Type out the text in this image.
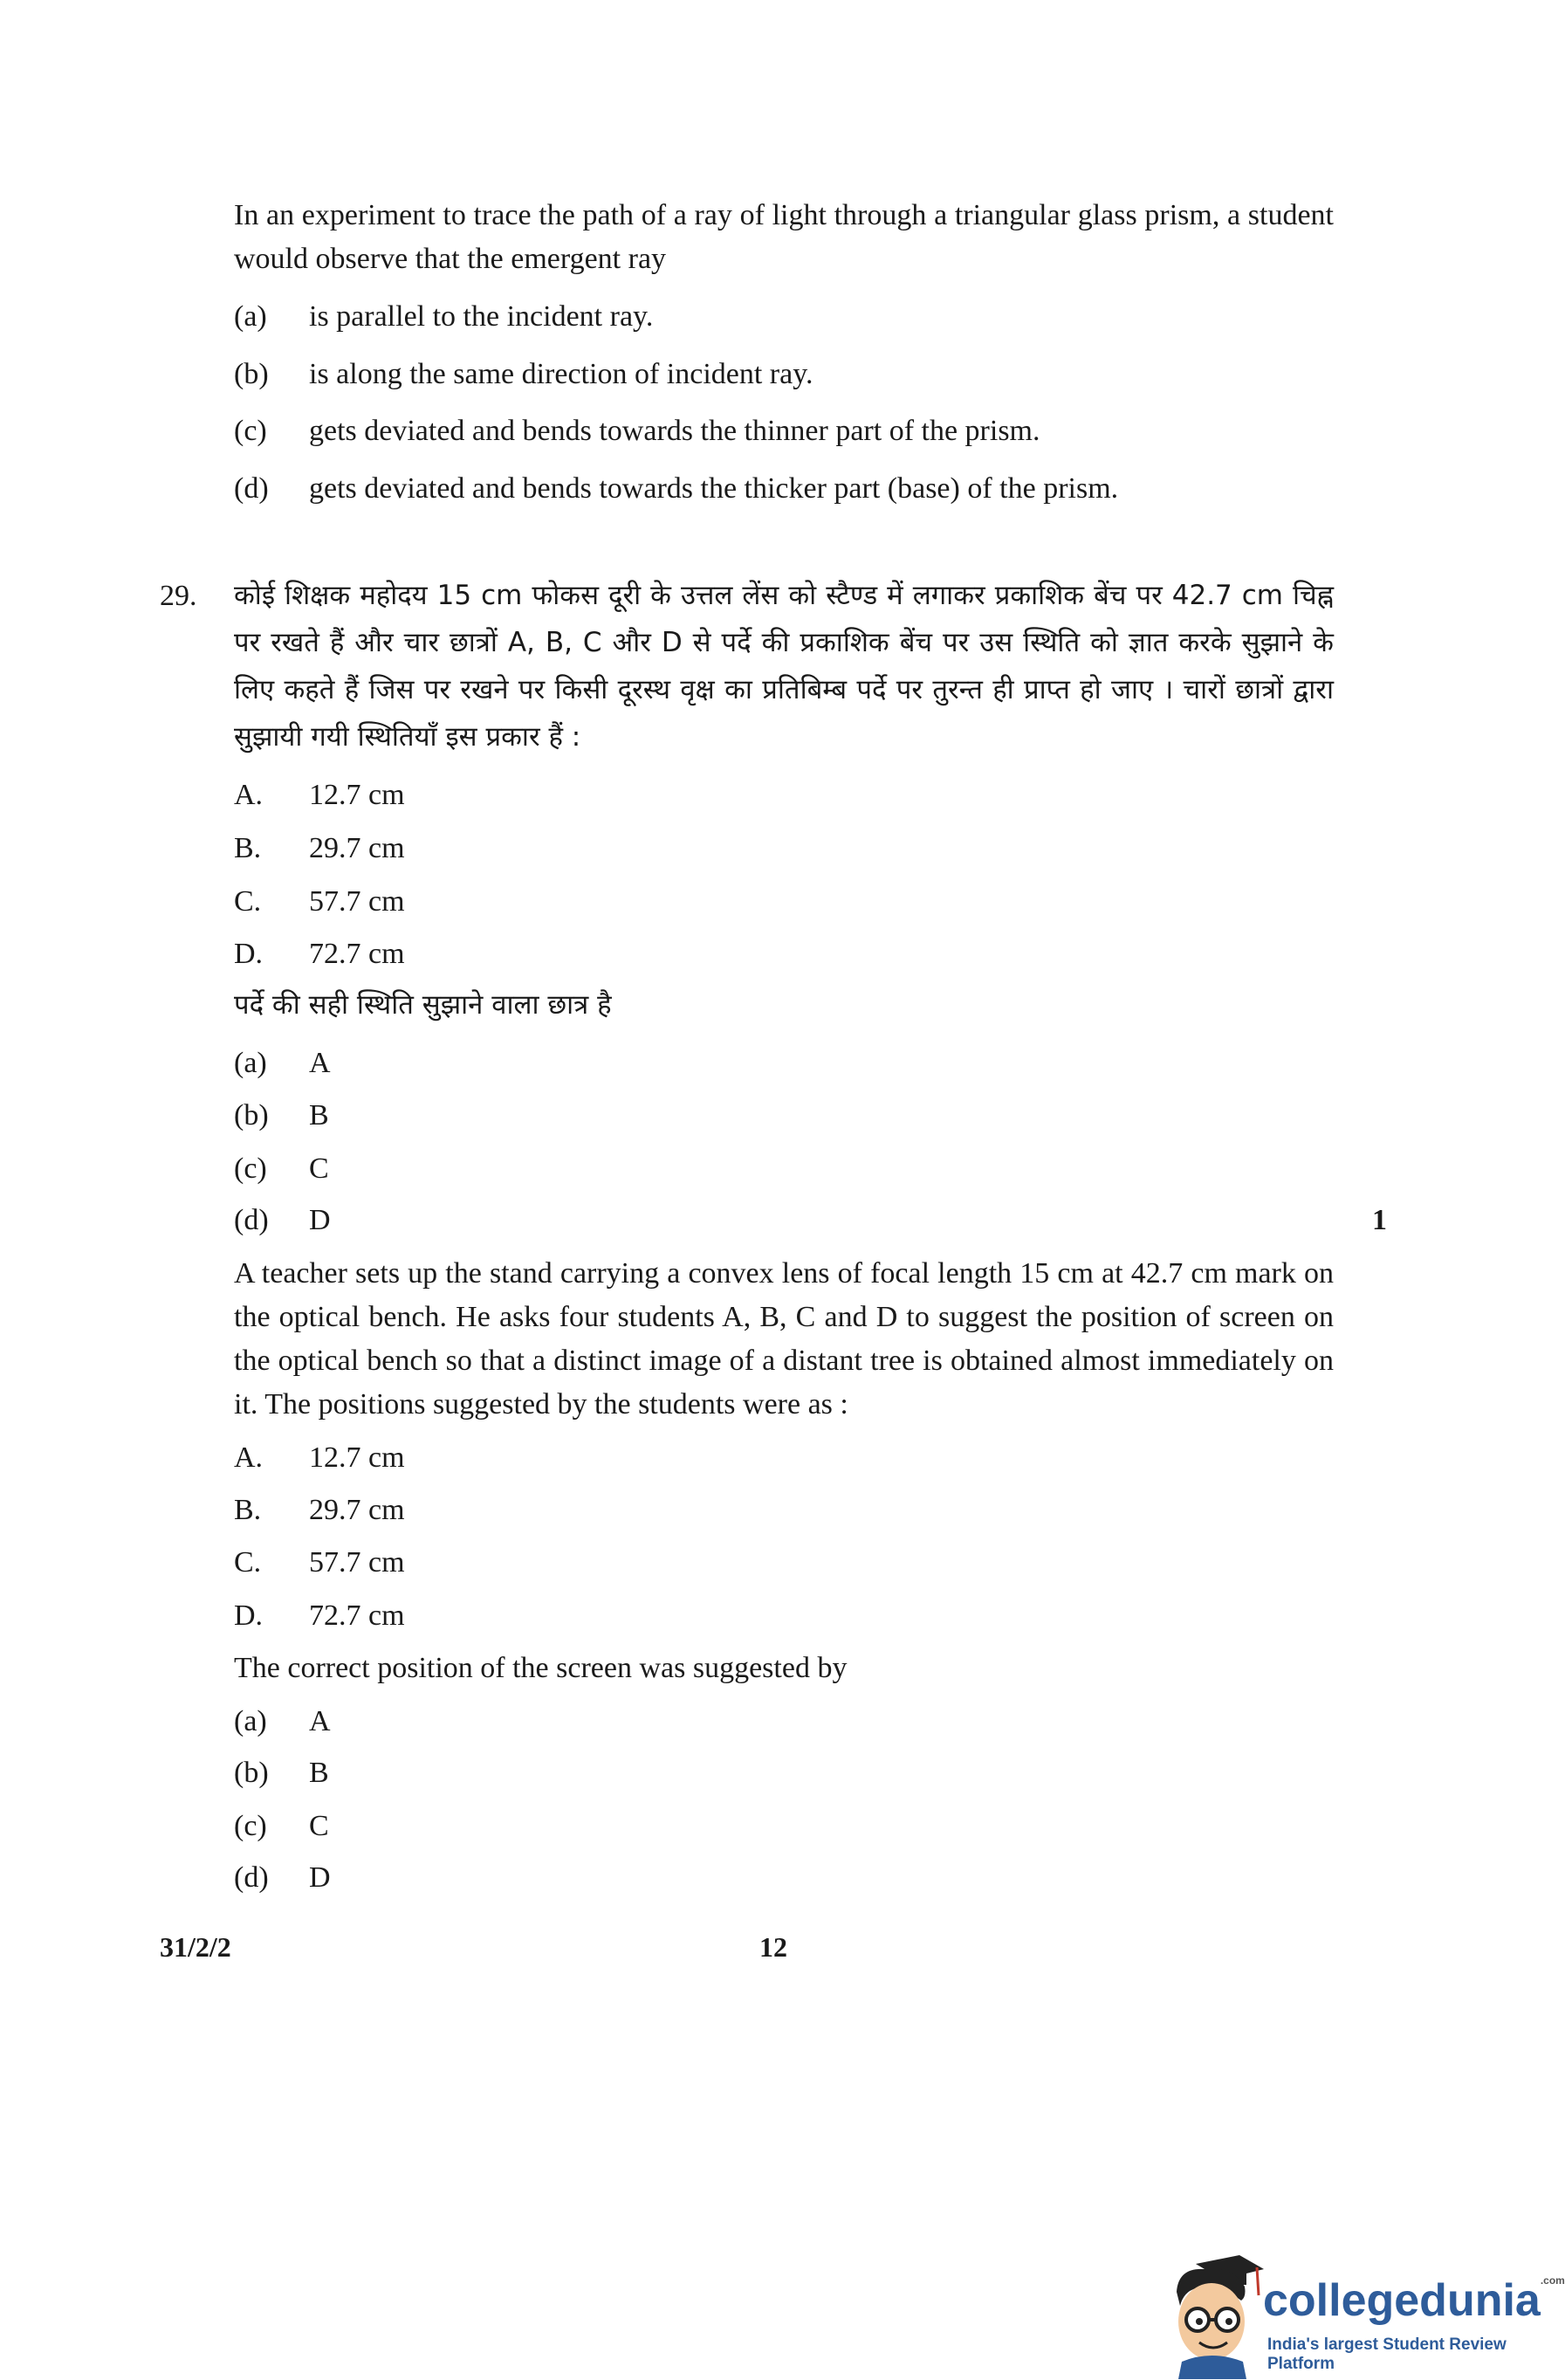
In an experiment to trace the path of a ray of light through a triangular glass prism, a student would observe that the emergent ray
(a) is parallel to the incident ray.
(b) is along the same direction of incident ray.
(c) gets deviated and bends towards the thinner part of the prism.
(d) gets deviated and bends towards the thicker part (base) of the prism.
29. कोई शिक्षक महोदय 15 cm फोकस दूरी के उत्तल लेंस को स्टैण्ड में लगाकर प्रकाशिक बेंच पर 42.7 cm चिह्न पर रखते हैं और चार छात्रों A, B, C और D से पर्दे की प्रकाशिक बेंच पर उस स्थिति को ज्ञात करके सुझाने के लिए कहते हैं जिस पर रखने पर किसी दूरस्थ वृक्ष का प्रतिबिम्ब पर्दे पर तुरन्त ही प्राप्त हो जाए । चारों छात्रों द्वारा सुझायी गयी स्थितियाँ इस प्रकार हैं :
A. 12.7 cm
B. 29.7 cm
C. 57.7 cm
D. 72.7 cm
पर्दे की सही स्थिति सुझाने वाला छात्र है
(a) A
(b) B
(c) C
(d) D	1
A teacher sets up the stand carrying a convex lens of focal length 15 cm at 42.7 cm mark on the optical bench. He asks four students A, B, C and D to suggest the position of screen on the optical bench so that a distinct image of a distant tree is obtained almost immediately on it. The positions suggested by the students were as :
A. 12.7 cm
B. 29.7 cm
C. 57.7 cm
D. 72.7 cm
The correct position of the screen was suggested by
(a) A
(b) B
(c) C
(d) D
31/2/2	12
collegedunia$^{.com}$
India's largest Student Review Platform
